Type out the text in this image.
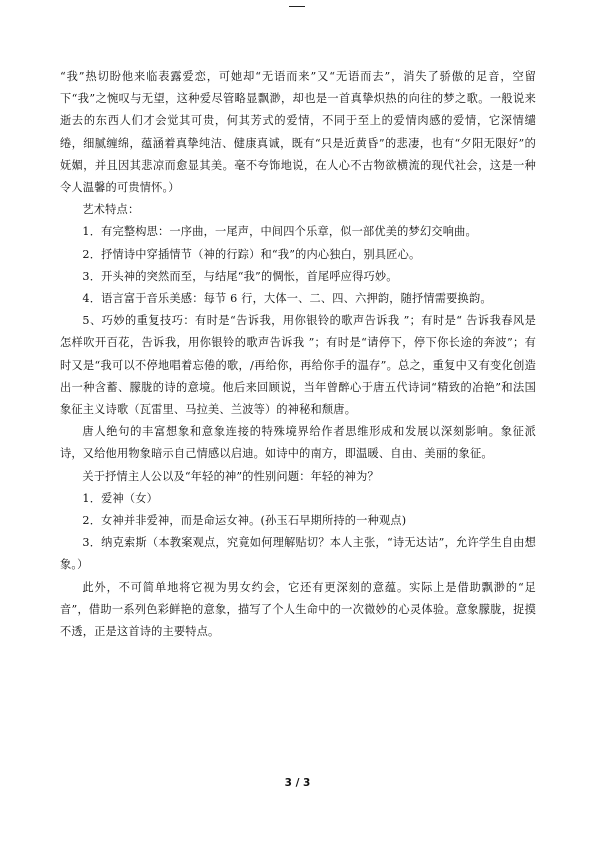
“我”热切盼他来临表露爱恋，可她却“无语而来”又“无语而去”，消失了骄傲的足音，空留下“我”之惋叹与无望，这种爱尽管略显飘渺，却也是一首真挚炽热的向往的梦之歌。一般说来逝去的东西人们才会觉其可贵，何其芳式的爱情，不同于至上的爱情肉感的爱情，它深情缱绻，细腻缠绵，蕴涵着真挚纯洁、健康真诚，既有“只是近黄昏”的悲凄，也有“夕阳无限好”的妩媚，并且因其悲凉而愈显其美。毫不夸饰地说，在人心不古物欲横流的现代社会，这是一种令人温馨的可贵情怀。）

艺术特点：

1．有完整构思：一序曲，一尾声，中间四个乐章，似一部优美的梦幻交响曲。

2．抒情诗中穿插情节（神的行踪）和“我”的内心独白，别具匠心。

3．开头神的突然而至，与结尾“我”的惆怅，首尾呼应得巧妙。

4．语言富于音乐美感：每节 6 行，大体一、二、四、六押韵，随抒情需要换韵。

5、巧妙的重复技巧：有时是“告诉我，用你银铃的歌声告诉我 ”；有时是“ 告诉我春风是怎样吹开百花，告诉我，用你银铃的歌声告诉我 ”；有时是“请停下，停下你长途的奔波”；有时又是“我可以不停地唱着忘倦的歌，/再给你，再给你手的温存”。总之，重复中又有变化创造出一种含蓄、朦胧的诗的意境。他后来回顾说，当年曾醉心于唐五代诗词“精致的冶艳”和法国象征主义诗歌（瓦雷里、马拉美、兰波等）的神秘和颓唐。

唐人绝句的丰富想象和意象连接的特殊境界给作者思维形成和发展以深刻影响。象征派诗，又给他用物象暗示自己情感以启迪。如诗中的南方，即温暖、自由、美丽的象征。

关于抒情主人公以及“年轻的神”的性别问题：年轻的神为？

1．爱神（女）

2．女神并非爱神，而是命运女神。(孙玉石早期所持的一种观点)

3．纳克索斯（本教案观点，究竟如何理解贴切？本人主张，“诗无达诂”，允许学生自由想象。）

此外，不可简单地将它视为男女约会，它还有更深刻的意蕴。实际上是借助飘渺的“足音”，借助一系列色彩鲜艳的意象，描写了个人生命中的一次微妙的心灵体验。意象朦胧，捉摸不透，正是这首诗的主要特点。

3 / 3
